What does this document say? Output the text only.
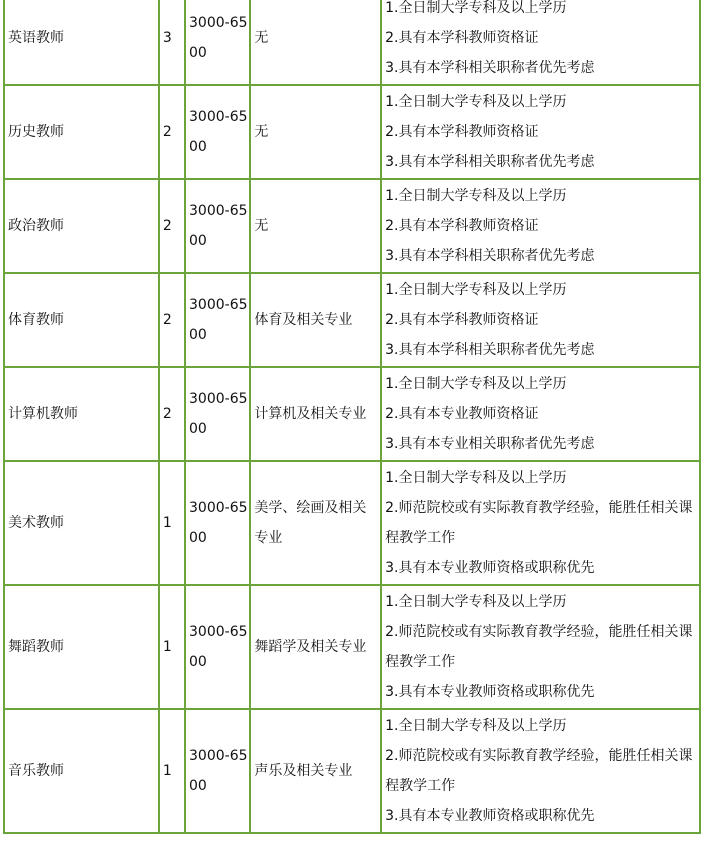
英语教师	3	3000-6500	无	1.全日制大学专科及以上学历
2.具有本学科教师资格证
3.具有本学科相关职称者优先考虑

历史教师	2	3000-6500	无	1.全日制大学专科及以上学历
2.具有本学科教师资格证
3.具有本学科相关职称者优先考虑

政治教师	2	3000-6500	无	1.全日制大学专科及以上学历
2.具有本学科教师资格证
3.具有本学科相关职称者优先考虑

体育教师	2	3000-6500	体育及相关专业	1.全日制大学专科及以上学历
2.具有本学科教师资格证
3.具有本学科相关职称者优先考虑

计算机教师	2	3000-6500	计算机及相关专业	1.全日制大学专科及以上学历
2.具有本专业教师资格证
3.具有本专业相关职称者优先考虑

美术教师	1	3000-6500	美学、绘画及相关专业	1.全日制大学专科及以上学历
2.师范院校或有实际教育教学经验，能胜任相关课程教学工作
3.具有本专业教师资格或职称优先

舞蹈教师	1	3000-6500	舞蹈学及相关专业	1.全日制大学专科及以上学历
2.师范院校或有实际教育教学经验，能胜任相关课程教学工作
3.具有本专业教师资格或职称优先

音乐教师	1	3000-6500	声乐及相关专业	1.全日制大学专科及以上学历
2.师范院校或有实际教育教学经验，能胜任相关课程教学工作
3.具有本专业教师资格或职称优先
